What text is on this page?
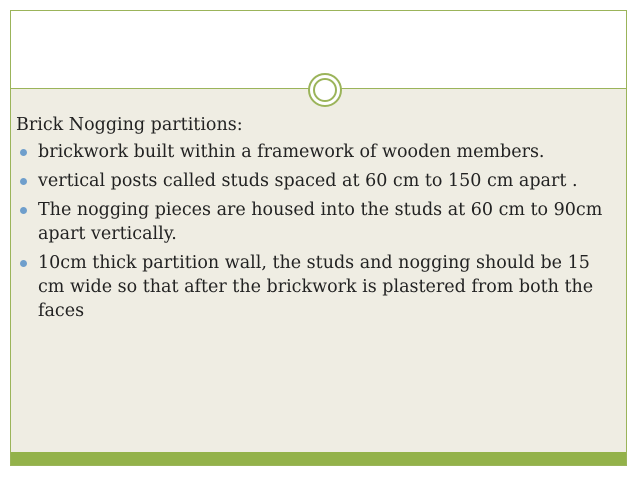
Brick Nogging partitions:
brickwork built within a framework of wooden members.
vertical posts called studs spaced at 60 cm to 150 cm apart .
The nogging pieces are housed into the studs at 60 cm to 90cm apart vertically.
10cm thick partition wall, the studs and nogging should be 15 cm wide so that after the brickwork is plastered from both the faces
